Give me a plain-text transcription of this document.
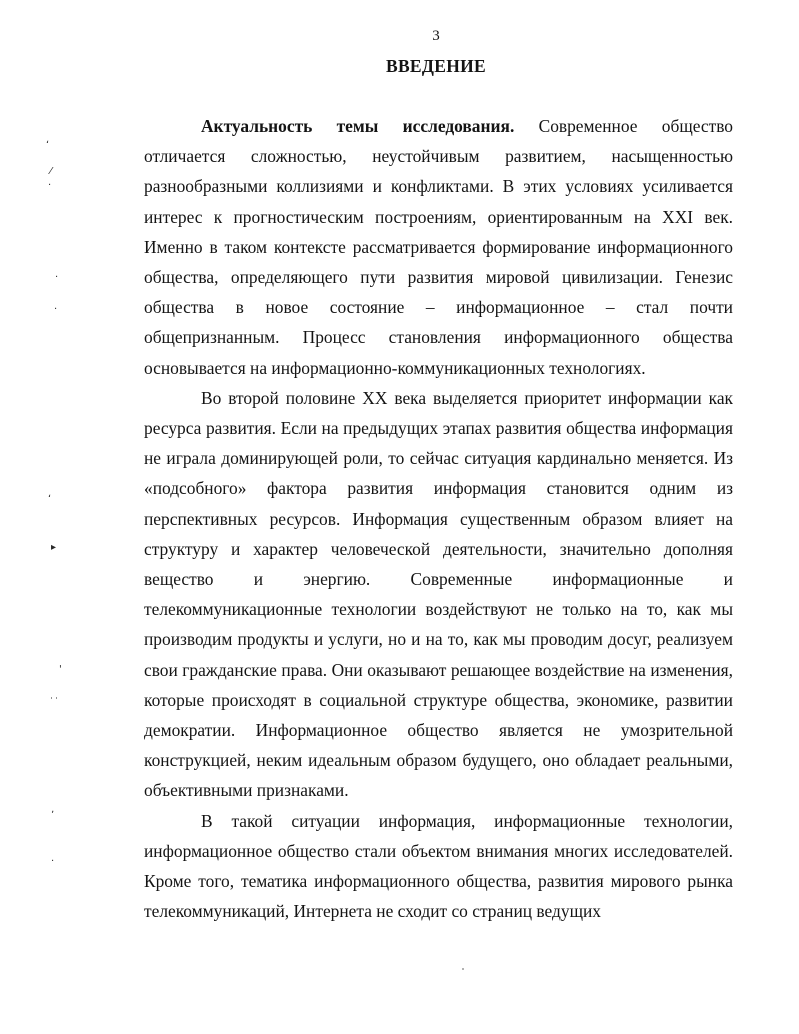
3
ВВЕДЕНИЕ

Актуальность темы исследования. Современное общество отличается сложностью, неустойчивым развитием, насыщенностью разнообразными коллизиями и конфликтами. В этих условиях усиливается интерес к прогностическим построениям, ориентированным на XXI век. Именно в таком контексте рассматривается формирование информационного общества, определяющего пути развития мировой цивилизации. Генезис общества в новое состояние – информационное – стал почти общепризнанным. Процесс становления информационного общества основывается на информационно-коммуникационных технологиях.

Во второй половине XX века выделяется приоритет информации как ресурса развития. Если на предыдущих этапах развития общества информация не играла доминирующей роли, то сейчас ситуация кардинально меняется. Из «подсобного» фактора развития информация становится одним из перспективных ресурсов. Информация существенным образом влияет на структуру и характер человеческой деятельности, значительно дополняя вещество и энергию. Современные информационные и телекоммуникационные технологии воздействуют не только на то, как мы производим продукты и услуги, но и на то, как мы проводим досуг, реализуем свои гражданские права. Они оказывают решающее воздействие на изменения, которые происходят в социальной структуре общества, экономике, развитии демократии. Информационное общество является не умозрительной конструкцией, неким идеальным образом будущего, оно обладает реальными, объективными признаками.

В такой ситуации информация, информационные технологии, информационное общество стали объектом внимания многих исследователей. Кроме того, тематика информационного общества, развития мирового рынка телекоммуникаций, Интернета не сходит со страниц ведущих

ʻ
⁄
·
·
·
ʻ
▸
'
˙˙
ʼ
·
